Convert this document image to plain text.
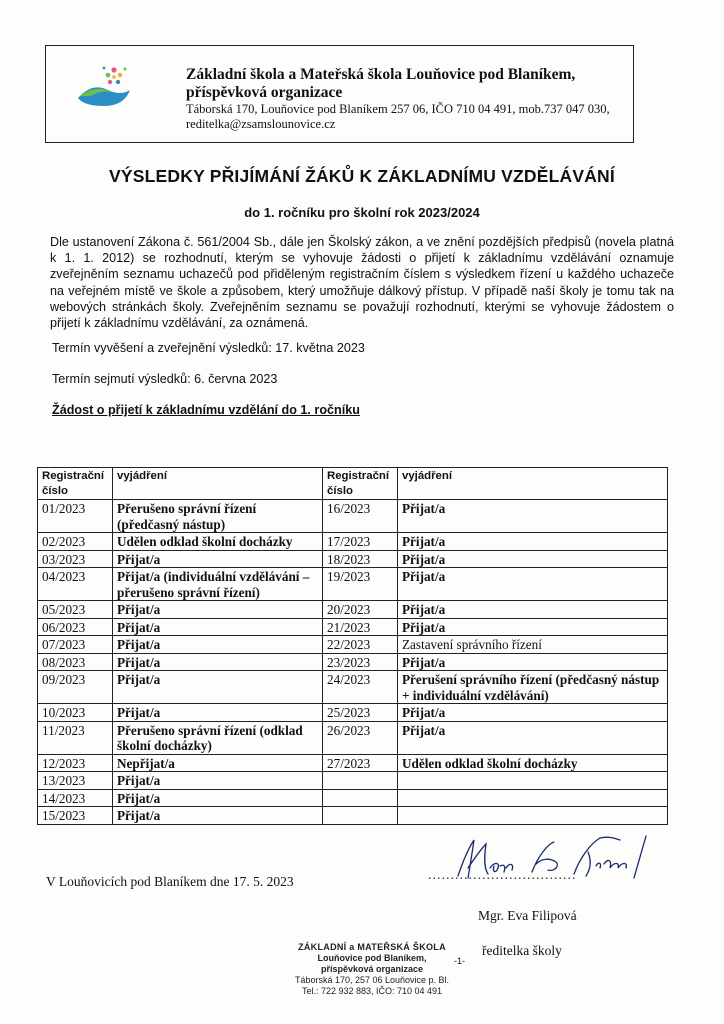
Základní škola a Mateřská škola Louňovice pod Blaníkem,
příspěvková organizace
Táborská 170, Louňovice pod Blaníkem 257 06, IČO 710 04 491, mob.737 047 030,
reditelka@zsamslounovice.cz
VÝSLEDKY PŘIJÍMÁNÍ ŽÁKŮ K ZÁKLADNÍMU VZDĚLÁVÁNÍ
do 1. ročníku pro školní rok 2023/2024
Dle ustanovení Zákona č. 561/2004 Sb., dále jen Školský zákon, a ve znění pozdějších předpisů (novela platná k 1. 1. 2012) se rozhodnutí, kterým se vyhovuje žádosti o přijetí k základnímu vzdělávání oznamuje zveřejněním seznamu uchazečů pod přiděleným registračním číslem s výsledkem řízení u každého uchazeče na veřejném místě ve škole a způsobem, který umožňuje dálkový přístup. V případě naší školy je tomu tak na webových stránkách školy. Zveřejněním seznamu se považují rozhodnutí, kterými se vyhovuje žádostem o přijetí k základnímu vzdělávání, za oznámená.
Termín vyvěšení a zveřejnění výsledků: 17. května 2023
Termín sejmutí výsledků: 6. června 2023
Žádost o přijetí k základnímu vzdělání do 1. ročníku
Registrační číslo	vyjádření	Registrační číslo	vyjádření
01/2023	Přerušeno správní řízení (předčasný nástup)	16/2023	Přijat/a
02/2023	Udělen odklad školní docházky	17/2023	Přijat/a
03/2023	Přijat/a	18/2023	Přijat/a
04/2023	Přijat/a (individuální vzdělávání – přerušeno správní řízení)	19/2023	Přijat/a
05/2023	Přijat/a	20/2023	Přijat/a
06/2023	Přijat/a	21/2023	Přijat/a
07/2023	Přijat/a	22/2023	Zastavení správního řízení
08/2023	Přijat/a	23/2023	Přijat/a
09/2023	Přijat/a	24/2023	Přerušení správního řízení (předčasný nástup + individuální vzdělávání)
10/2023	Přijat/a	25/2023	Přijat/a
11/2023	Přerušeno správní řízení (odklad školní docházky)	26/2023	Přijat/a
12/2023	Nepřijat/a	27/2023	Udělen odklad školní docházky
13/2023	Přijat/a		
14/2023	Přijat/a		
15/2023	Přijat/a		
V Louňovicích pod Blaníkem dne 17. 5. 2023	.................................
Mgr. Eva Filipová
ředitelka školy
ZÁKLADNÍ a MATEŘSKÁ ŠKOLA
Louňovice pod Blaníkem,
příspěvková organizace
Táborská 170, 257 06 Louňovice p. Bl.
Tel.: 722 932 883, IČO: 710 04 491
-1-
